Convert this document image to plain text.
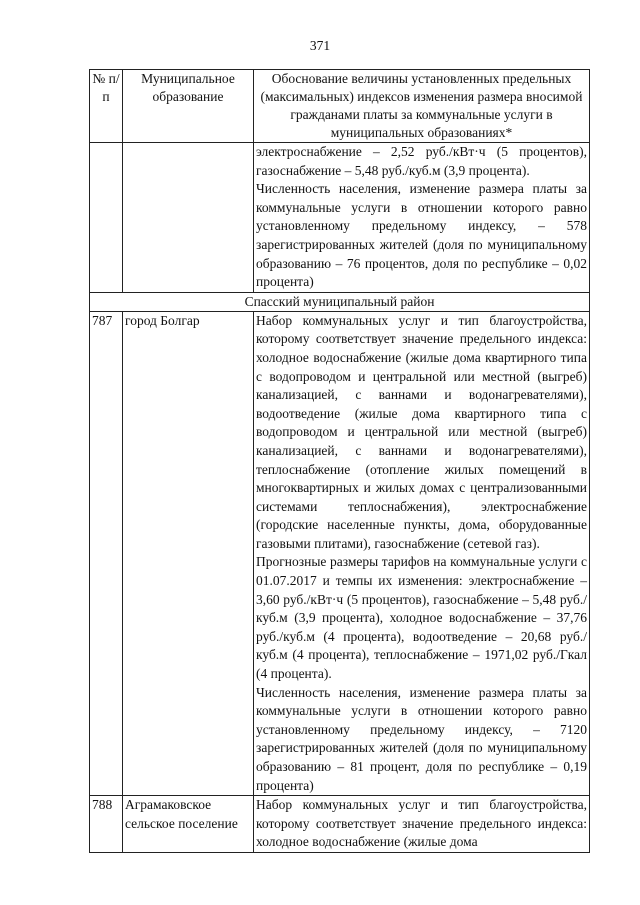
371
№ п/п	Муниципальное образование	Обоснование величины установленных предельных (максимальных) индексов изменения размера вносимой гражданами платы за коммунальные услуги в муниципальных образованиях*

		электроснабжение – 2,52 руб./кВт·ч (5 процентов), газоснабжение – 5,48 руб./куб.м (3,9 процента).

Численность населения, изменение размера платы за коммунальные услуги в отношении которого равно установленному предельному индексу, – 578 зарегистрированных жителей (доля по муниципальному образованию – 76 процентов, доля по республике – 0,02 процента)

Спасский муниципальный район		
787	город Болгар	Набор коммунальных услуг и тип благоустройства, которому соответствует значение предельного индекса: холодное водоснабжение (жилые дома квартирного типа с водопроводом и центральной или местной (выгреб) канализацией, с ваннами и водонагревателями), водоотведение (жилые дома квартирного типа с водопроводом и центральной или местной (выгреб) канализацией, с ваннами и водонагревателями), теплоснабжение (отопление жилых помещений в многоквартирных и жилых домах с централизованными системами теплоснабжения), электроснабжение (городские населенные пункты, дома, оборудованные газовыми плитами), газоснабжение (сетевой газ).

Прогнозные размеры тарифов на коммунальные услуги с 01.07.2017 и темпы их изменения: электроснабжение – 3,60 руб./кВт·ч (5 процентов), газоснабжение – 5,48 руб./куб.м (3,9 процента), холодное водоснабжение – 37,76 руб./куб.м (4 процента), водоотведение – 20,68 руб./куб.м (4 процента), теплоснабжение – 1971,02 руб./Гкал (4 процента).

Численность населения, изменение размера платы за коммунальные услуги в отношении которого равно установленному предельному индексу, – 7120 зарегистрированных жителей (доля по муниципальному образованию – 81 процент, доля по республике – 0,19 процента)

788	Аграмаковское сельское поселение	Набор коммунальных услуг и тип благоустройства, которому соответствует значение предельного индекса: холодное водоснабжение (жилые дома
